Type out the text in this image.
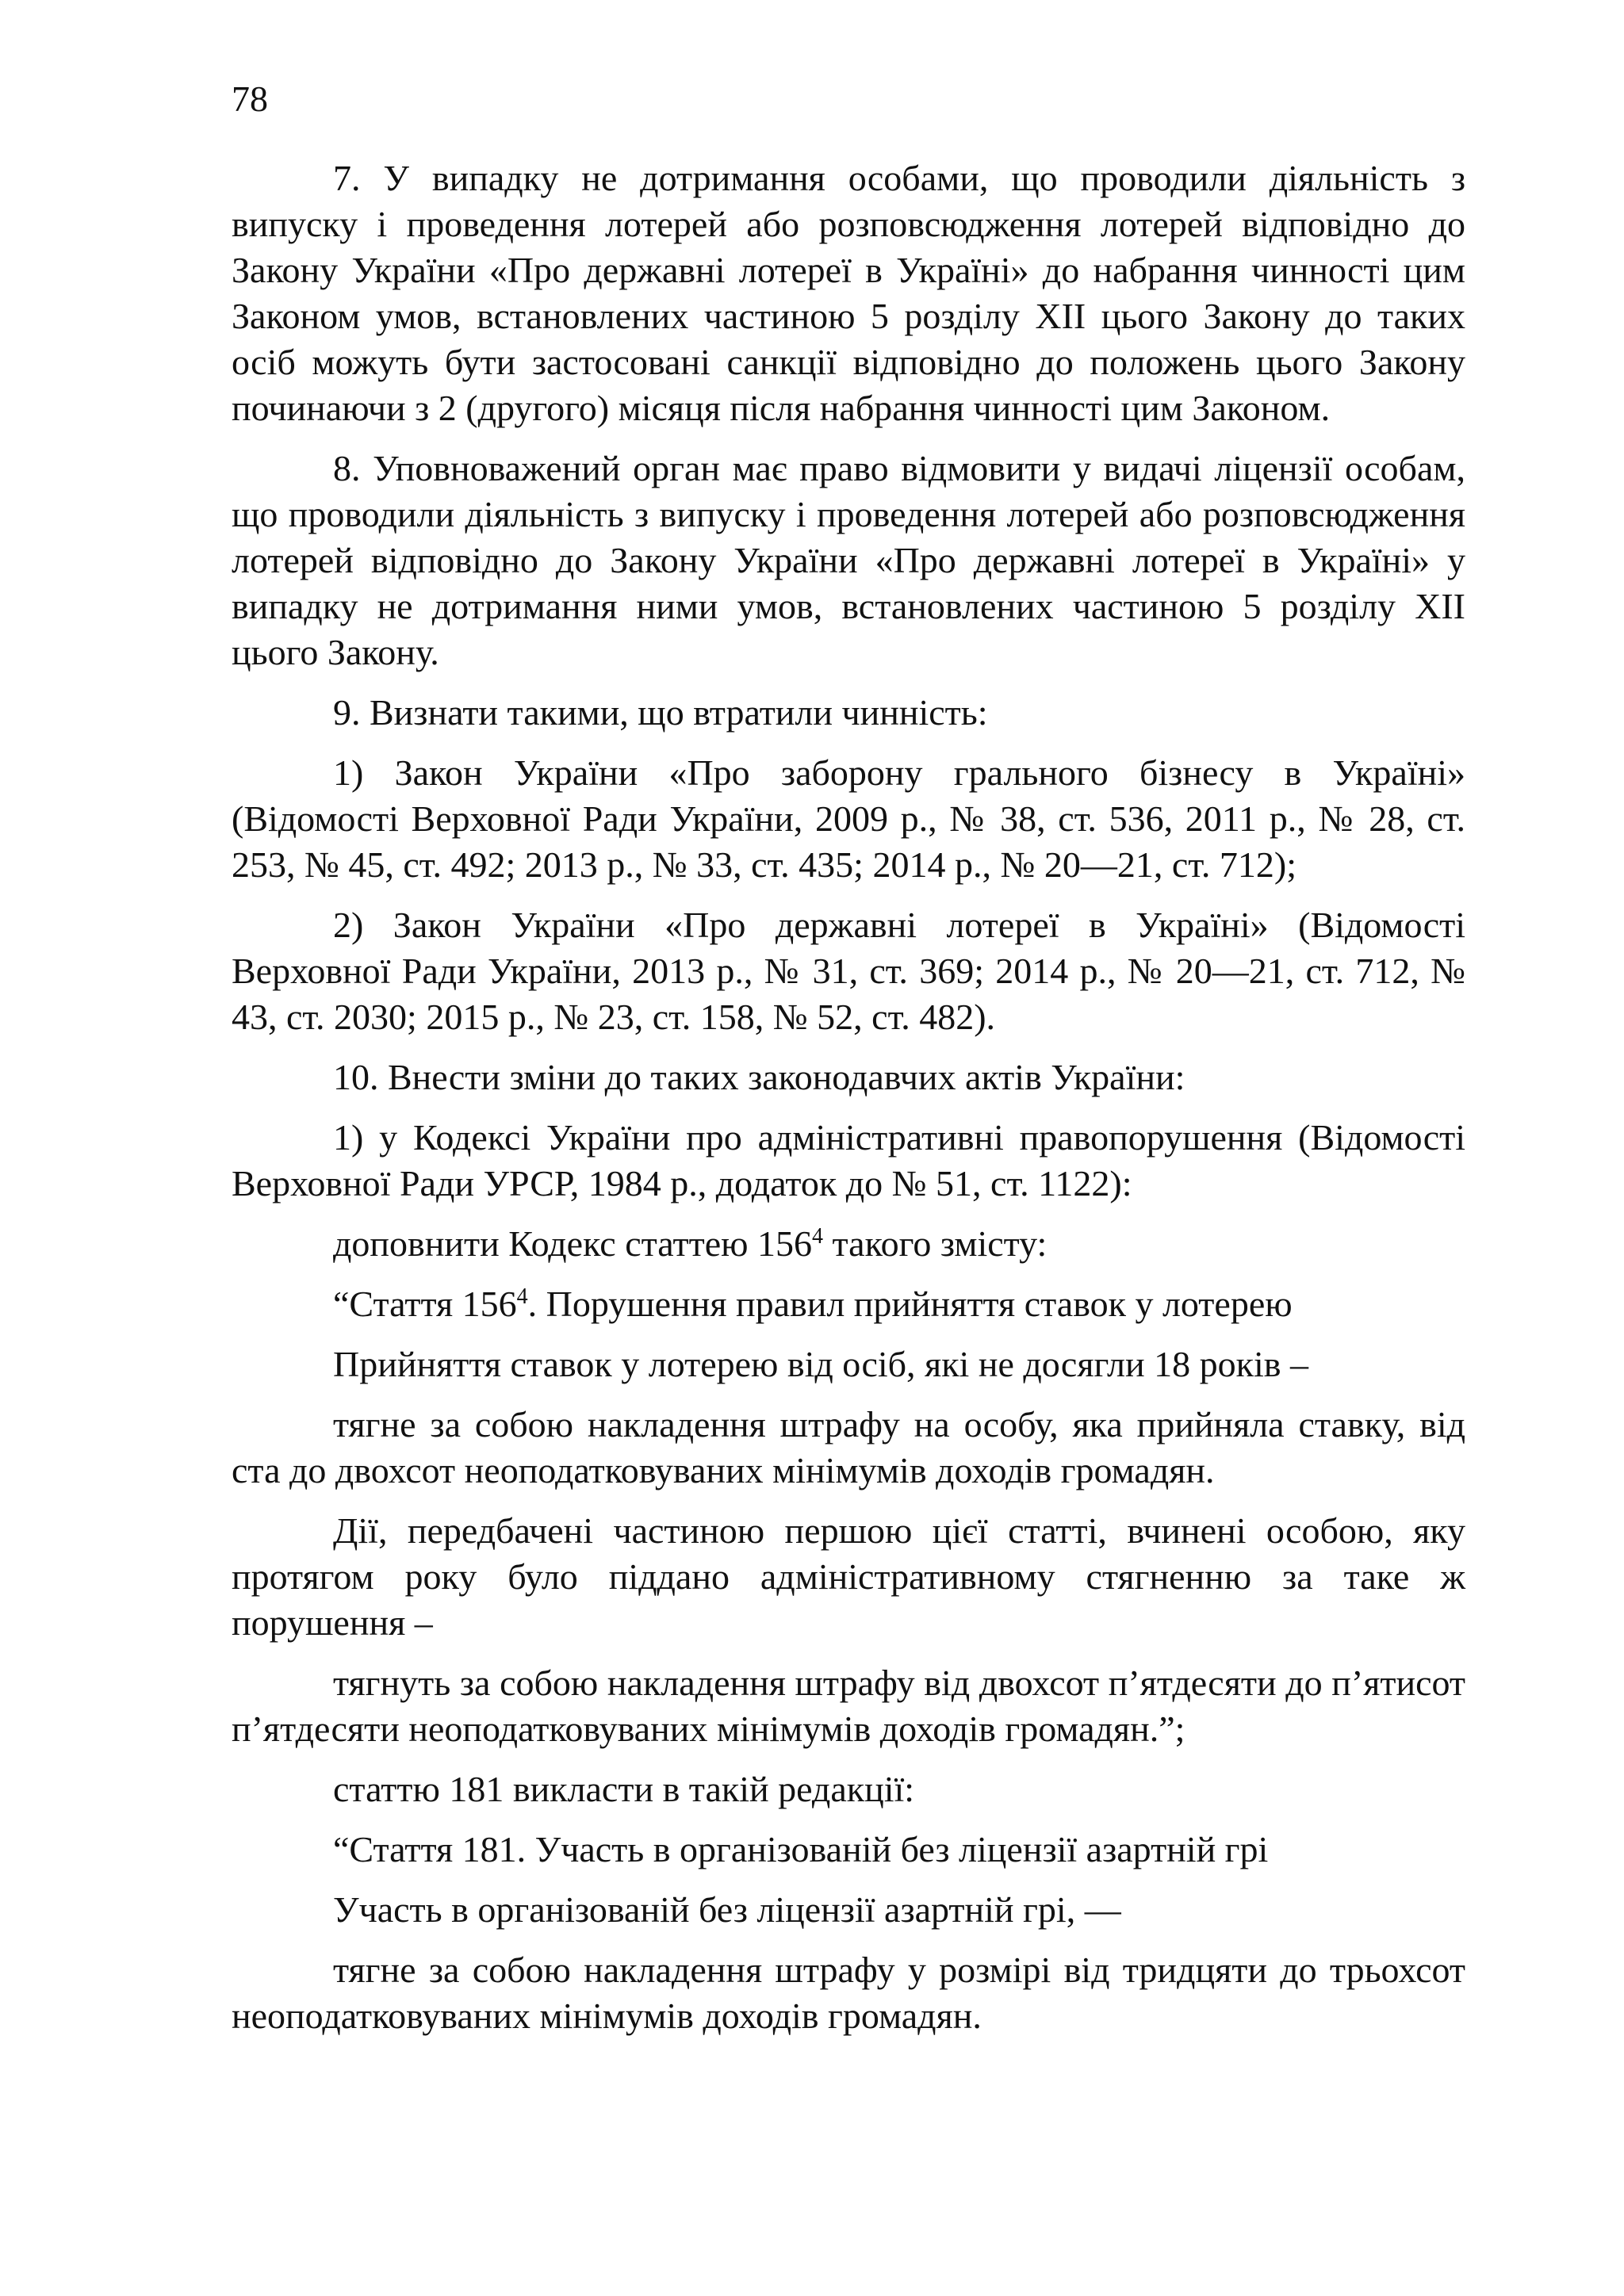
78

7. У випадку не дотримання особами, що проводили діяльність з випуску і проведення лотерей або розповсюдження лотерей відповідно до Закону України «Про державні лотереї в Україні» до набрання чинності цим Законом умов, встановлених частиною 5 розділу XII цього Закону до таких осіб можуть бути застосовані санкції відповідно до положень цього Закону починаючи з 2 (другого) місяця після набрання чинності цим Законом.

8. Уповноважений орган має право відмовити у видачі ліцензії особам, що проводили діяльність з випуску і проведення лотерей або розповсюдження лотерей відповідно до Закону України «Про державні лотереї в Україні» у випадку не дотримання ними умов, встановлених частиною 5 розділу XII цього Закону.

9. Визнати такими, що втратили чинність:

1) Закон України «Про заборону грального бізнесу в Україні» (Відомості Верховної Ради України, 2009 р., № 38, ст. 536, 2011 р., № 28, ст. 253, № 45, ст. 492; 2013 р., № 33, ст. 435; 2014 р., № 20—21, ст. 712);

2) Закон України «Про державні лотереї в Україні» (Відомості Верховної Ради України, 2013 р., № 31, ст. 369; 2014 р., № 20—21, ст. 712, № 43, ст. 2030; 2015 р., № 23, ст. 158, № 52, ст. 482).

10. Внести зміни до таких законодавчих актів України:

1) у Кодексі України про адміністративні правопорушення (Відомості Верховної Ради УРСР, 1984 р., додаток до № 51, ст. 1122):

доповнити Кодекс статтею $156^4$ такого змісту:

“Стаття $156^4$. Порушення правил прийняття ставок у лотерею

Прийняття ставок у лотерею від осіб, які не досягли 18 років –

тягне за собою накладення штрафу на особу, яка прийняла ставку, від ста до двохсот неоподатковуваних мінімумів доходів громадян.

Дії, передбачені частиною першою цієї статті, вчинені особою, яку протягом року було піддано адміністративному стягненню за таке ж порушення –

тягнуть за собою накладення штрафу від двохсот п’ятдесяти до п’ятисот п’ятдесяти неоподатковуваних мінімумів доходів громадян.”;

статтю 181 викласти в такій редакції:

“Стаття 181. Участь в організованій без ліцензії азартній грі

Участь в організованій без ліцензії азартній грі, —

тягне за собою накладення штрафу у розмірі від тридцяти до трьохсот неоподатковуваних мінімумів доходів громадян.
